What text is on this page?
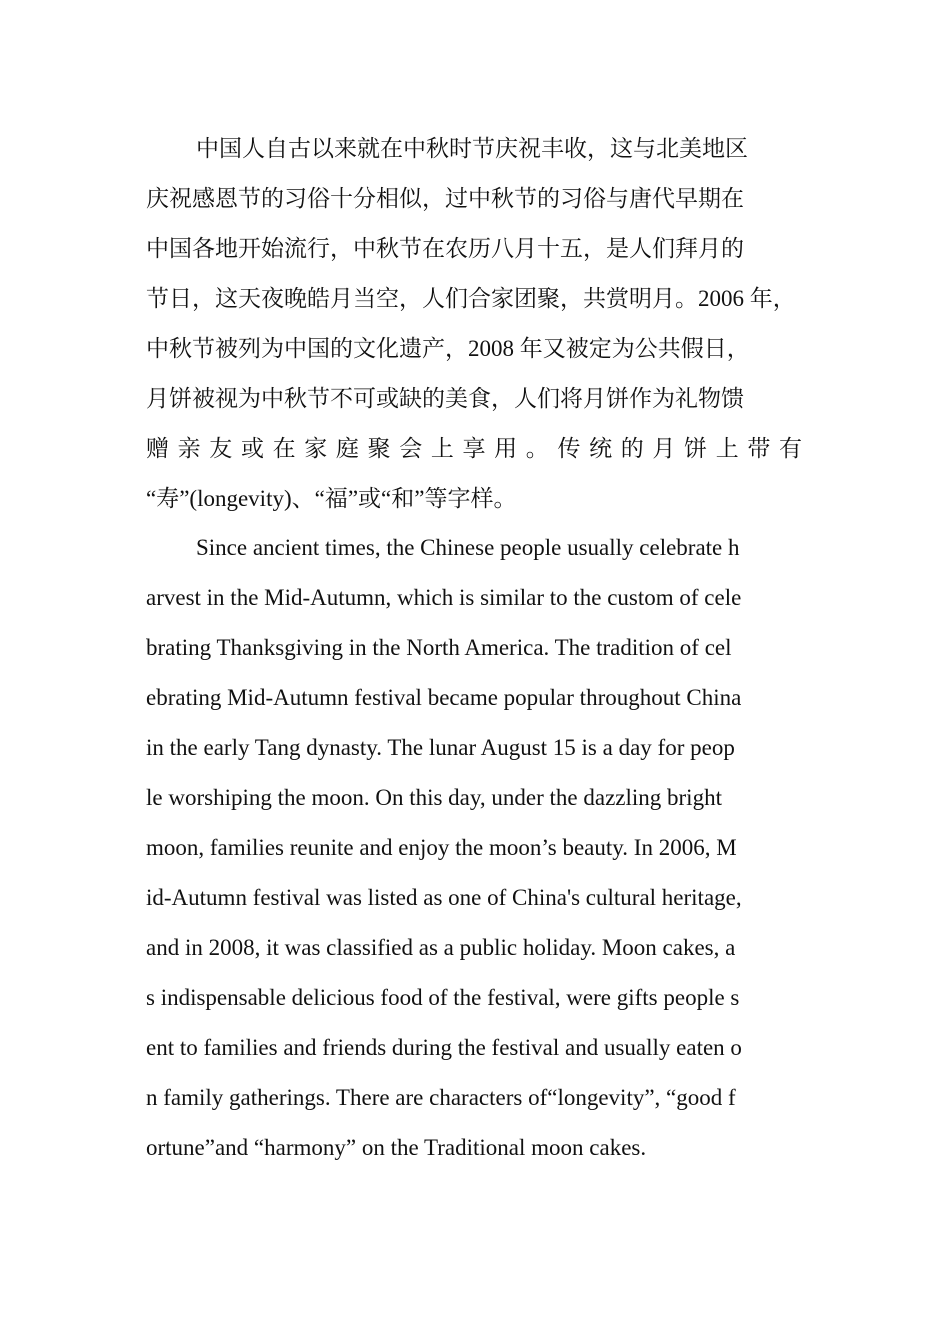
中国人自古以来就在中秋时节庆祝丰收，这与北美地区
庆祝感恩节的习俗十分相似，过中秋节的习俗与唐代早期在
中国各地开始流行，中秋节在农历八月十五，是人们拜月的
节日，这天夜晚皓月当空，人们合家团聚，共赏明月。2006 年，
中秋节被列为中国的文化遗产，2008 年又被定为公共假日，
月饼被视为中秋节不可或缺的美食，人们将月饼作为礼物馈
赠亲友或在家庭聚会上享用。传统的月饼上带有
“寿”(longevity)、“福”或“和”等字样。
Since ancient times, the Chinese people usually celebrate h
arvest in the Mid-Autumn, which is similar to the custom of cele
brating Thanksgiving in the North America. The tradition of cel
ebrating Mid-Autumn festival became popular throughout China
in the early Tang dynasty. The lunar August 15 is a day for peop
le worshiping the moon. On this day, under the dazzling bright
moon, families reunite and enjoy the moon’s beauty. In 2006, M
id-Autumn festival was listed as one of China's cultural heritage,
and in 2008, it was classified as a public holiday. Moon cakes, a
s indispensable delicious food of the festival, were gifts people s
ent to families and friends during the festival and usually eaten o
n family gatherings. There are characters of“longevity”, “good f
ortune”and “harmony” on the Traditional moon cakes.
